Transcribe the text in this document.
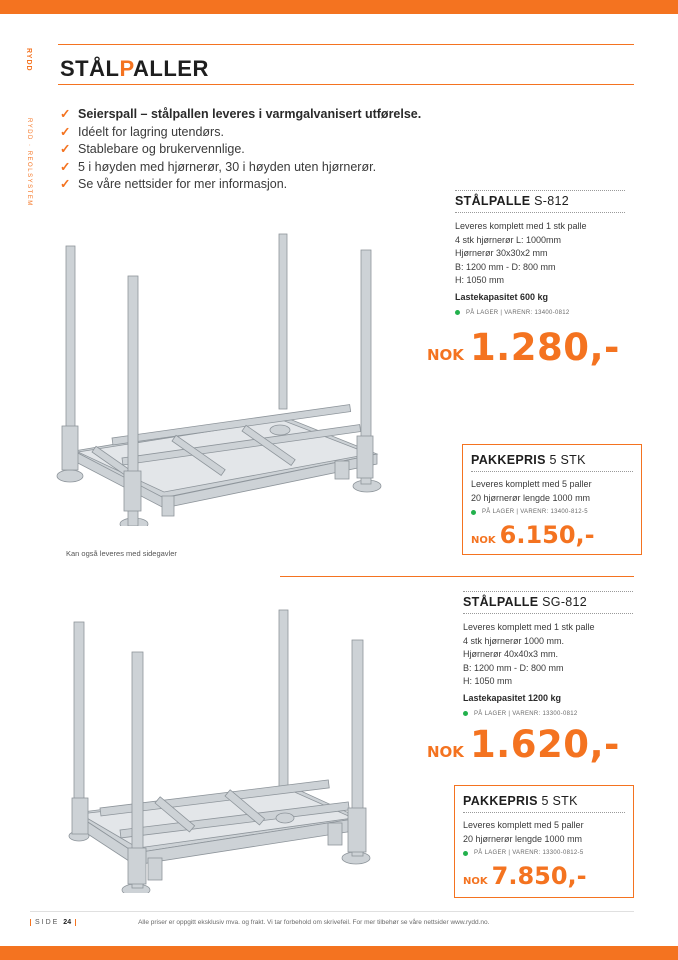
RYDD
RYDD · REOLSYSTEM
STÅLPALLER
✓ Seierspall – stålpallen leveres i varmgalvanisert utførelse.
✓ Idéelt for lagring utendørs.
✓ Stablebare og brukervennlige.
✓ 5 i høyden med hjørnerør, 30 i høyden uten hjørnerør.
✓ Se våre nettsider for mer informasjon.
STÅLPALLE S-812
Leveres komplett med 1 stk palle
4 stk hjørnerør L: 1000mm
Hjørnerør 30x30x2 mm
B: 1200 mm - D: 800 mm
H: 1050 mm
Lastekapasitet 600 kg
PÅ LAGER | VARENR: 13400-0812
NOK 1.280,-
PAKKEPRIS 5 STK
Leveres komplett med 5 paller
20 hjørnerør lengde 1000 mm
PÅ LAGER | VARENR: 13400-812-5
NOK 6.150,-
Kan også leveres med sidegavler
STÅLPALLE SG-812
Leveres komplett med 1 stk palle
4 stk hjørnerør 1000 mm.
Hjørnerør 40x40x3 mm.
B: 1200 mm - D: 800 mm
H: 1050 mm
Lastekapasitet 1200 kg
PÅ LAGER | VARENR: 13300-0812
NOK 1.620,-
PAKKEPRIS 5 STK
Leveres komplett med 5 paller
20 hjørnerør lengde 1000 mm
PÅ LAGER | VARENR: 13300-0812-5
NOK 7.850,-
SIDE 24	Alle priser er oppgitt eksklusiv mva. og frakt. Vi tar forbehold om skrivefeil. For mer tilbehør se våre nettsider www.rydd.no.
